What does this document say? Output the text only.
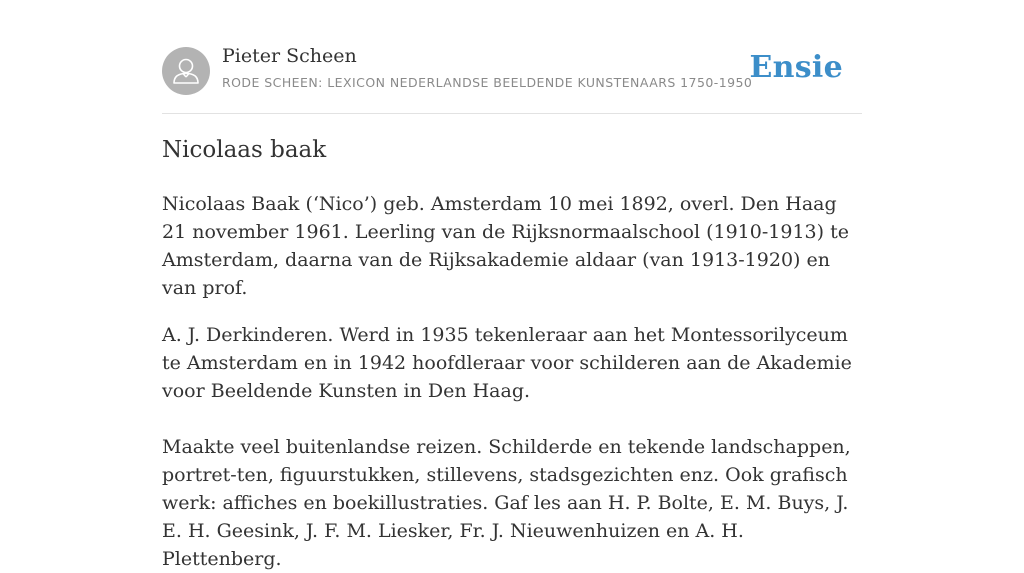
Pieter Scheen
RODE SCHEEN: LEXICON NEDERLANDSE BEELDENDE KUNSTENAARS 1750-1950
Ensie
Nicolaas baak

Nicolaas Baak (‘Nico’) geb. Amsterdam 10 mei 1892, overl. Den Haag 21 november 1961. Leerling van de Rijksnormaalschool (1910-1913) te Amsterdam, daarna van de Rijksakademie aldaar (van 1913-1920) en van prof.

A. J. Derkinderen. Werd in 1935 tekenleraar aan het Montessorilyceum te Amsterdam en in 1942 hoofdleraar voor schilderen aan de Akademie voor Beeldende Kunsten in Den Haag.

Maakte veel buitenlandse reizen. Schilderde en tekende landschappen, portret-ten, figuurstukken, stillevens, stadsgezichten enz. Ook grafisch werk: affiches en boekillustraties. Gaf les aan H. P. Bolte, E. M. Buys, J. E. H. Geesink, J. F. M. Liesker, Fr. J. Nieuwenhuizen en A. H. Plettenberg.
